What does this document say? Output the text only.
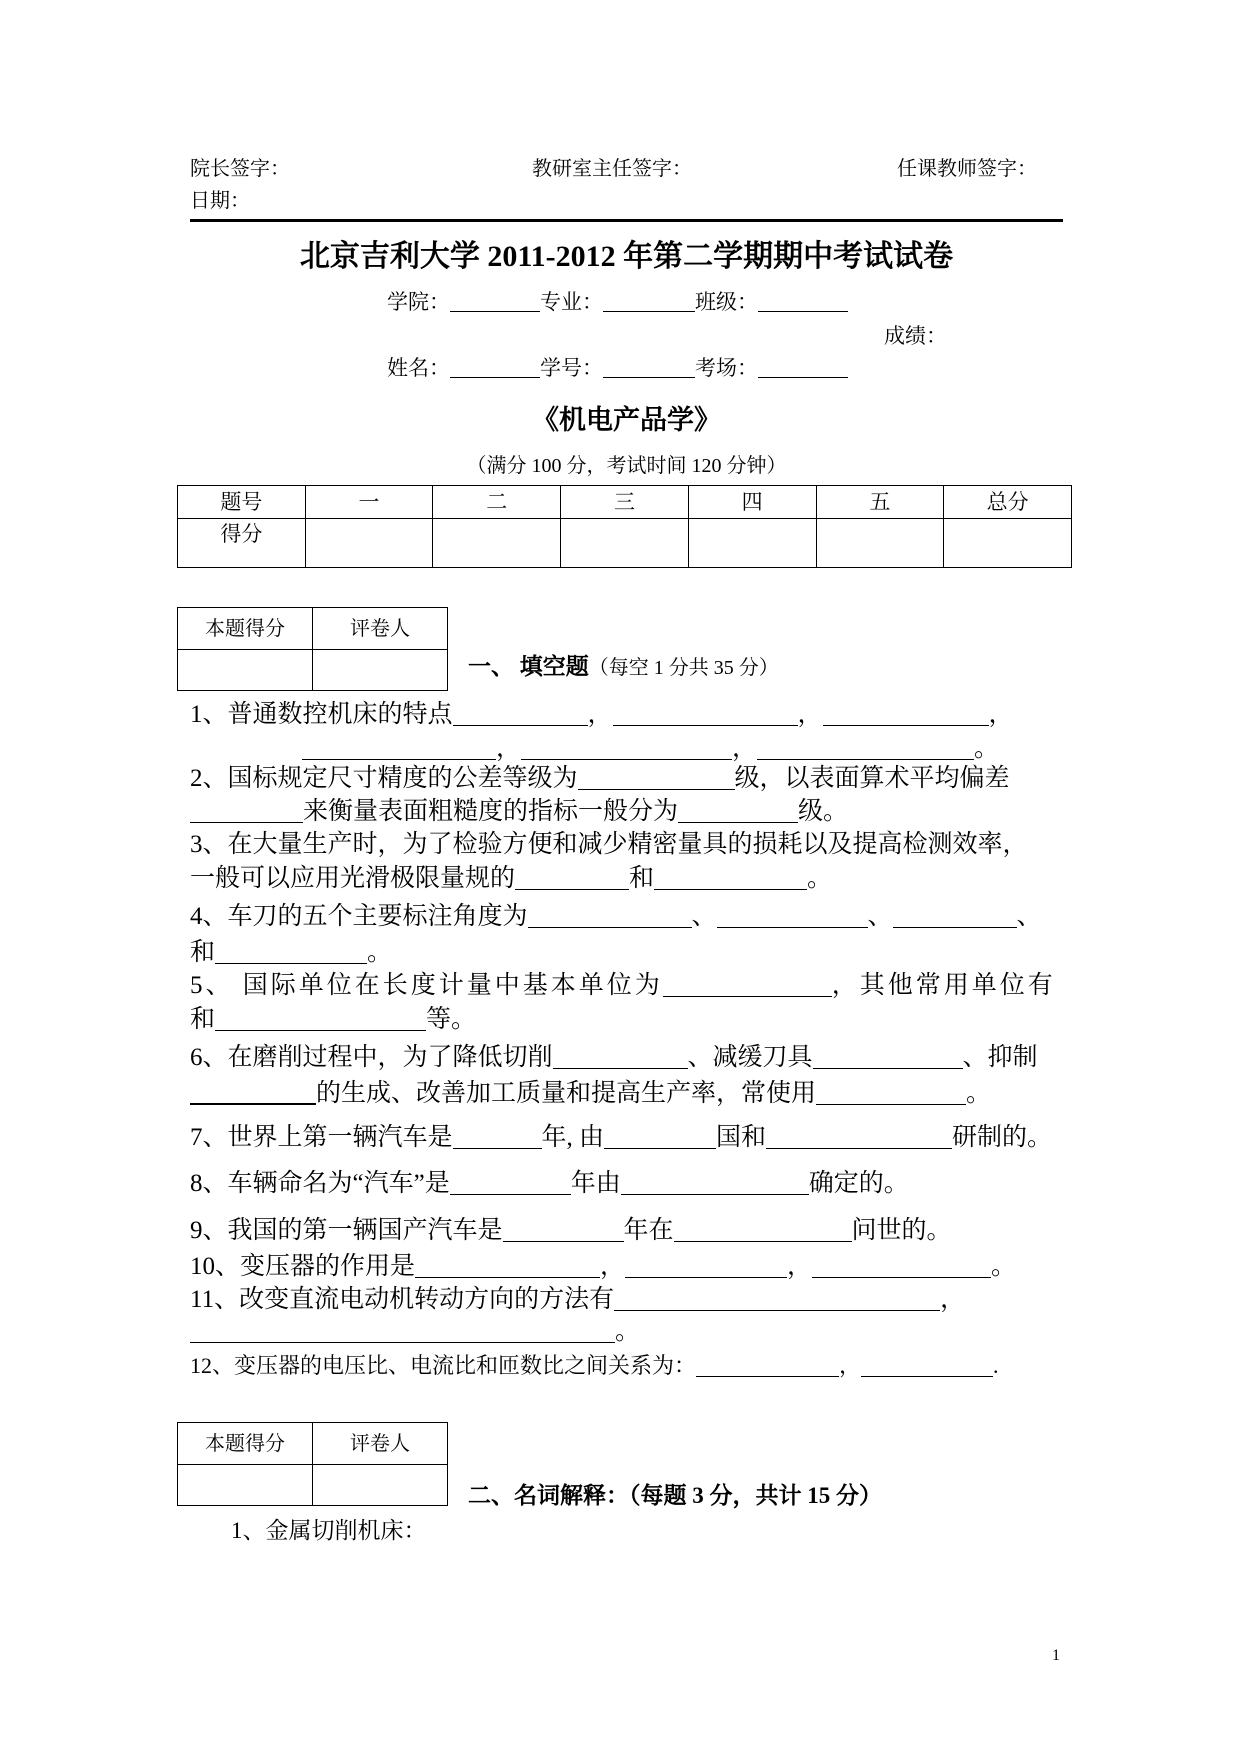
院长签字：	教研室主任签字：	任课教师签字：
日期：
北京吉利大学 2011-2012 年第二学期期中考试试卷
学院：	专业：	班级：
成绩：
姓名：	学号：	考场：
《机电产品学》
（满分 100 分，考试时间 120 分钟）
题号	一	二	三	四	五	总分
得分						
本题得分	评卷人

一、 填空题（每空 1 分共 35 分）
1、普通数控机床的特点	，	，	，
，	，	。
2、国标规定尺寸精度的公差等级为	级，以表面算术平均偏差
来衡量表面粗糙度的指标一般分为	级。
3、在大量生产时，为了检验方便和减少精密量具的损耗以及提高检测效率，
一般可以应用光滑极限量规的	和	。
4、车刀的五个主要标注角度为	、	、	、
和	。
5、 国际单位在长度计量中基本单位为	，其他常用单位有
和	等。
6、在磨削过程中，为了降低切削	、减缓刀具	、抑制
的生成、改善加工质量和提高生产率，常使用	。
7、世界上第一辆汽车是	年, 由	国和	研制的。
8、车辆命名为“汽车”是	年由	确定的。
9、我国的第一辆国产汽车是	年在	问世的。
10、变压器的作用是	，	，	。
11、改变直流电动机转动方向的方法有	，
。
12、变压器的电压比、电流比和匝数比之间关系为：	，	.
本题得分	评卷人

二、名词解释：（每题 3 分，共计 15 分）
1、金属切削机床：
1
